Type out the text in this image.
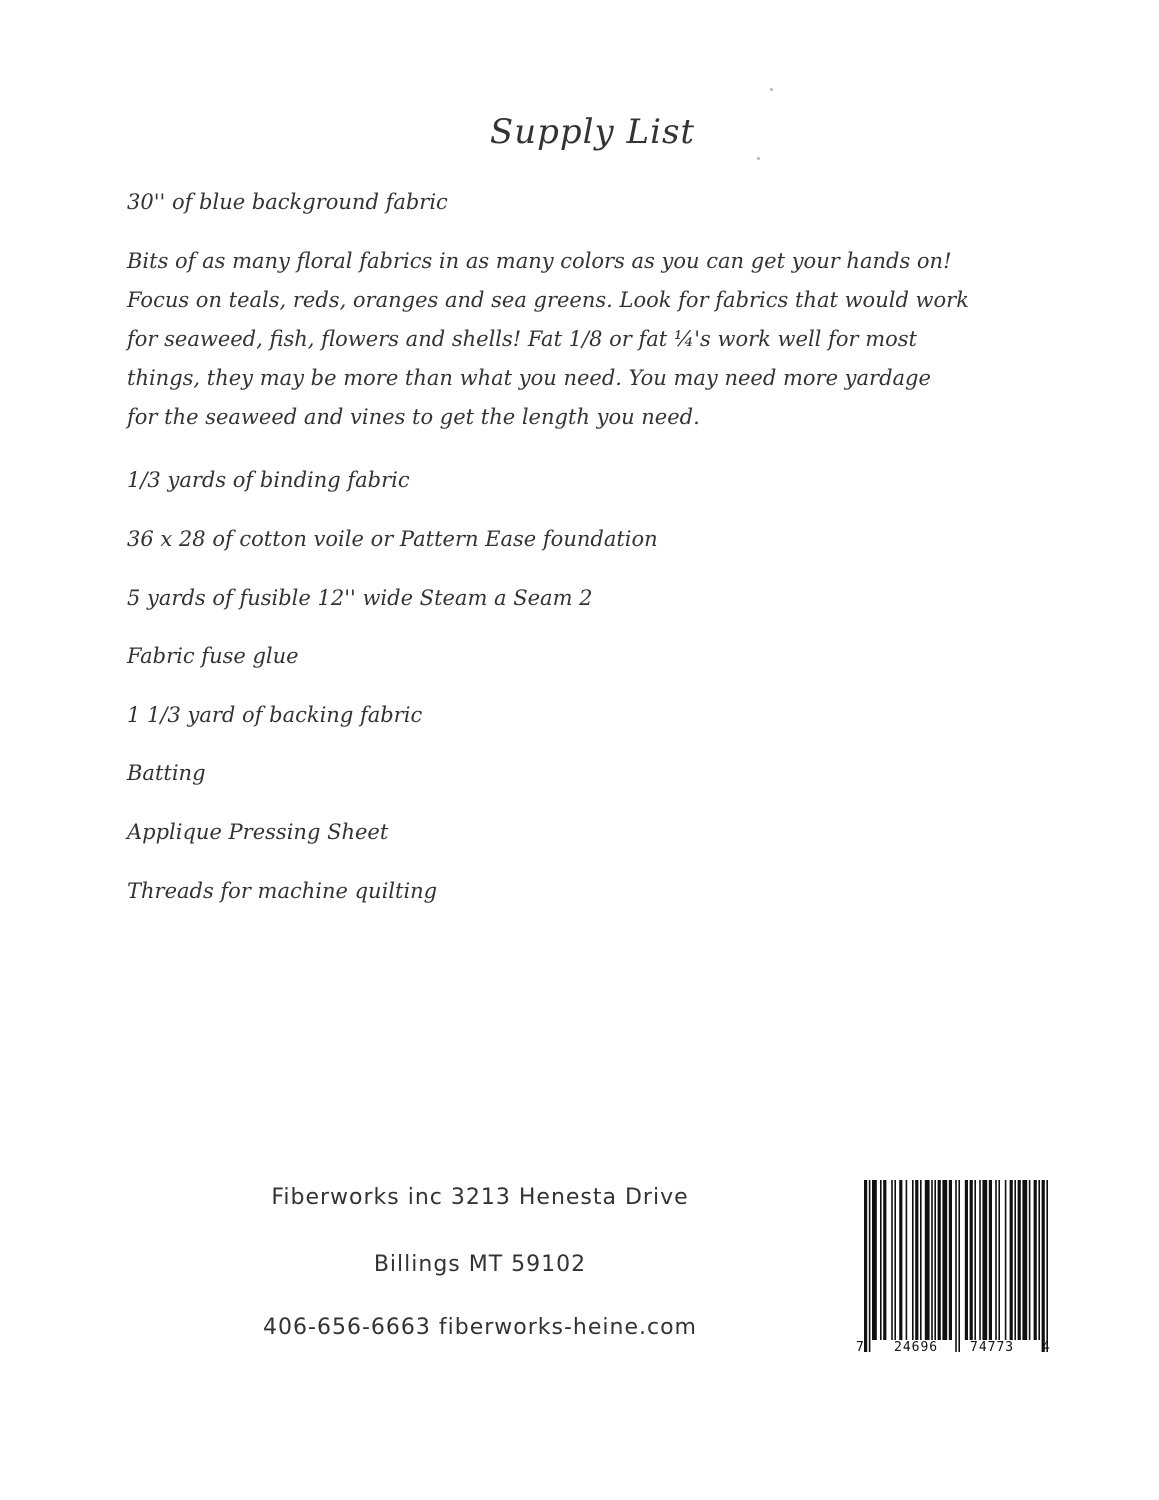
Supply List
30'' of blue background fabric
Bits of as many floral fabrics in as many colors as you can get your hands on!
Focus on teals, reds, oranges and sea greens. Look for fabrics that would work
for seaweed, fish, flowers and shells! Fat 1/8 or fat ¼'s work well for most
things, they may be more than what you need. You may need more yardage
for the seaweed and vines to get the length you need.
1/3 yards of binding fabric
36 x 28 of cotton voile or Pattern Ease foundation
5 yards of fusible 12'' wide Steam a Seam 2
Fabric fuse glue
1 1/3 yard of backing fabric
Batting
Applique Pressing Sheet
Threads for machine quilting
Fiberworks inc 3213 Henesta Drive
Billings MT 59102
406-656-6663 fiberworks-heine.com
7 24696 74773 4
